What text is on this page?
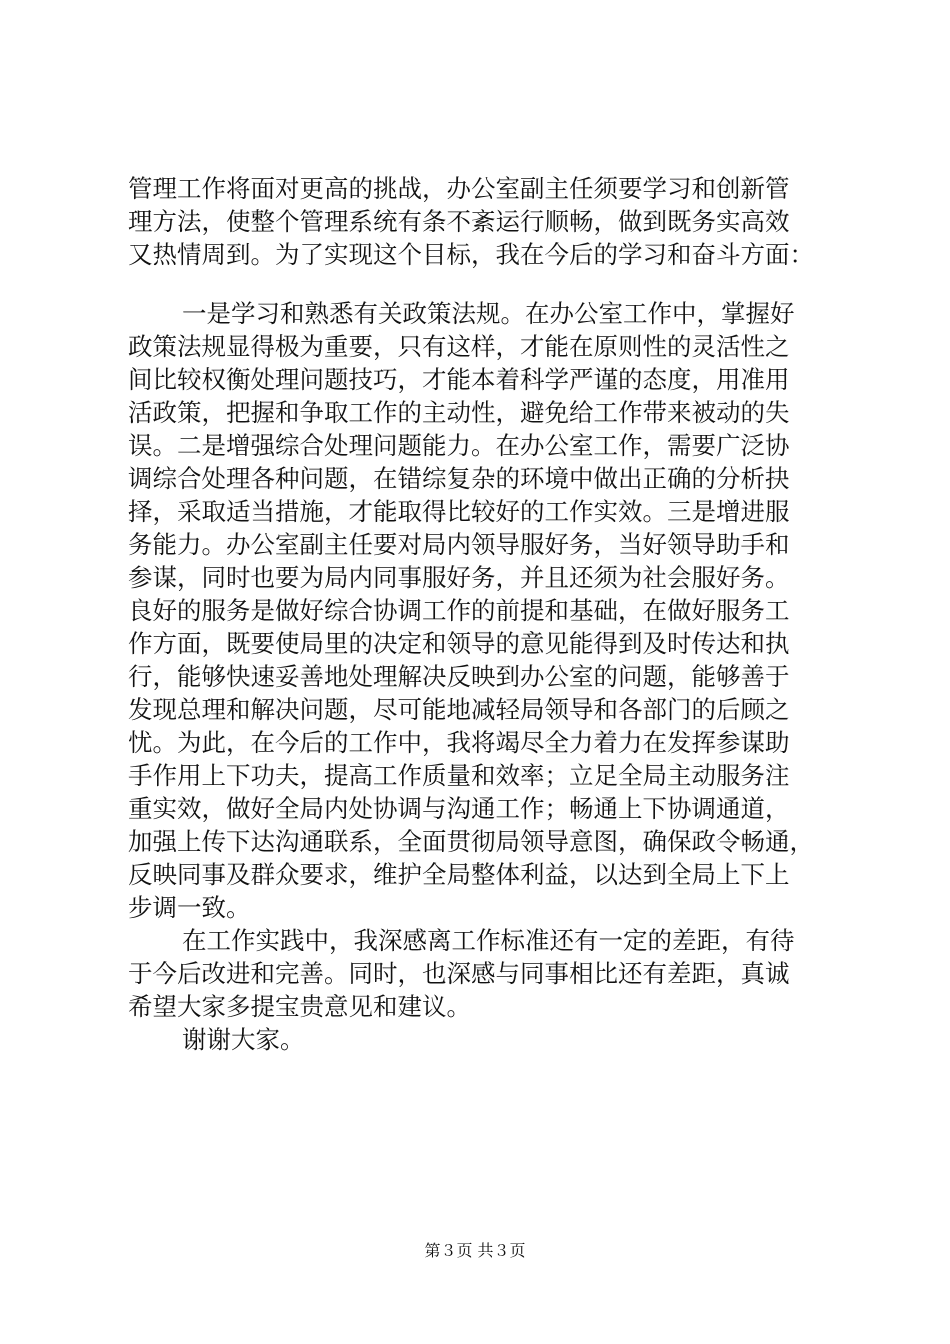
管理工作将面对更高的挑战，办公室副主任须要学习和创新管
理方法，使整个管理系统有条不紊运行顺畅，做到既务实高效
又热情周到。为了实现这个目标，我在今后的学习和奋斗方面：
一是学习和熟悉有关政策法规。在办公室工作中，掌握好
政策法规显得极为重要，只有这样，才能在原则性的灵活性之
间比较权衡处理问题技巧，才能本着科学严谨的态度，用准用
活政策，把握和争取工作的主动性，避免给工作带来被动的失
误。二是增强综合处理问题能力。在办公室工作，需要广泛协
调综合处理各种问题，在错综复杂的环境中做出正确的分析抉
择，采取适当措施，才能取得比较好的工作实效。三是增进服
务能力。办公室副主任要对局内领导服好务，当好领导助手和
参谋，同时也要为局内同事服好务，并且还须为社会服好务。
良好的服务是做好综合协调工作的前提和基础，在做好服务工
作方面，既要使局里的决定和领导的意见能得到及时传达和执
行，能够快速妥善地处理解决反映到办公室的问题，能够善于
发现总理和解决问题，尽可能地减轻局领导和各部门的后顾之
忧。为此，在今后的工作中，我将竭尽全力着力在发挥参谋助
手作用上下功夫，提高工作质量和效率；立足全局主动服务注
重实效，做好全局内处协调与沟通工作；畅通上下协调通道，
加强上传下达沟通联系，全面贯彻局领导意图，确保政令畅通，
反映同事及群众要求，维护全局整体利益，以达到全局上下上
步调一致。
在工作实践中，我深感离工作标准还有一定的差距，有待
于今后改进和完善。同时，也深感与同事相比还有差距，真诚
希望大家多提宝贵意见和建议。
谢谢大家。
第３页 共３页
